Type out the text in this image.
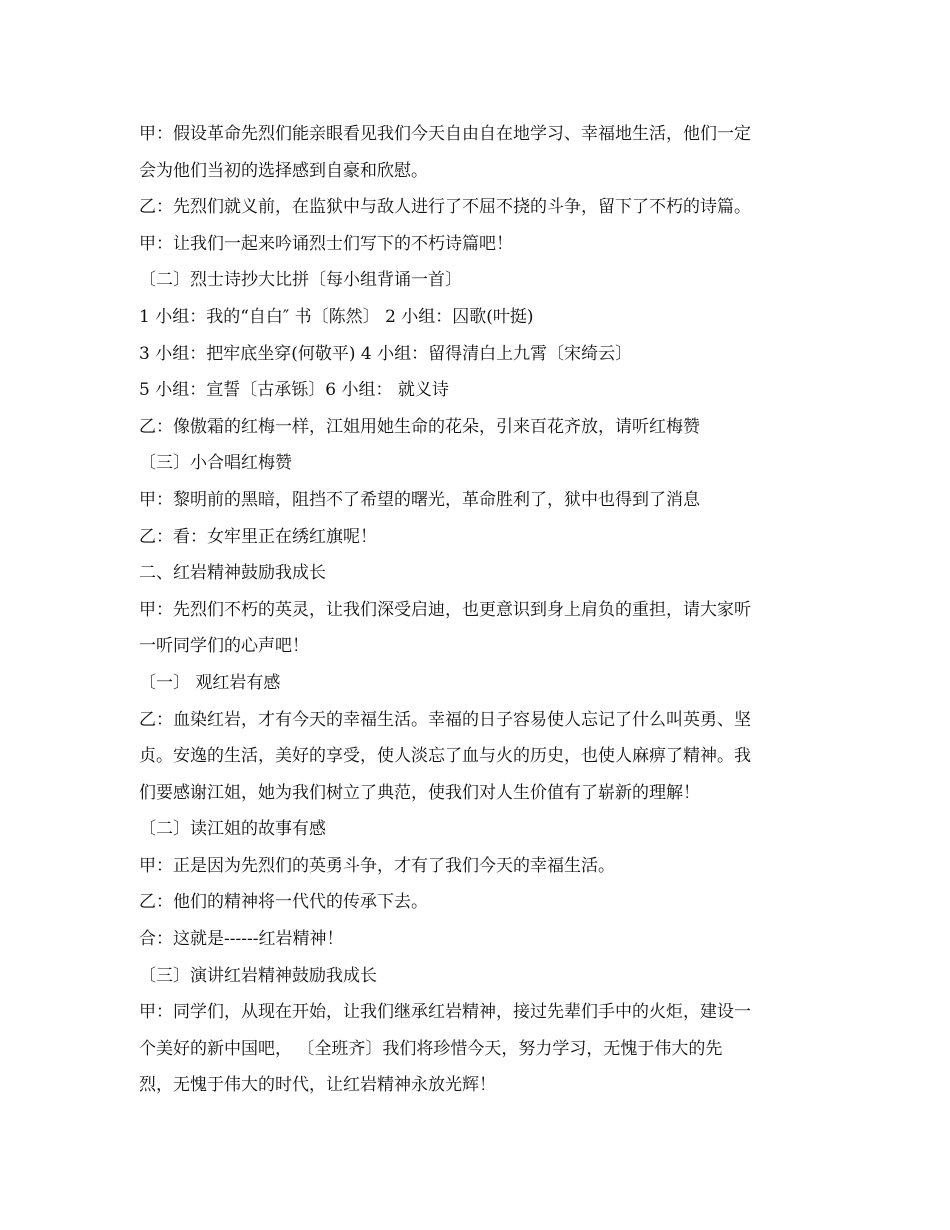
甲：假设革命先烈们能亲眼看见我们今天自由自在地学习、幸福地生活，他们一定
会为他们当初的选择感到自豪和欣慰。
乙：先烈们就义前，在监狱中与敌人进行了不屈不挠的斗争，留下了不朽的诗篇。
甲：让我们一起来吟诵烈士们写下的不朽诗篇吧！
〔二〕烈士诗抄大比拼〔每小组背诵一首〕
1 小组：我的“自白″ 书〔陈然〕 2 小组：囚歌(叶挺)
3 小组：把牢底坐穿(何敬平) 4 小组：留得清白上九霄〔宋绮云〕
5 小组：宣誓〔古承铄〕6 小组： 就义诗
乙：像傲霜的红梅一样，江姐用她生命的花朵，引来百花齐放，请听红梅赞
〔三〕小合唱红梅赞
甲：黎明前的黑暗，阻挡不了希望的曙光，革命胜利了，狱中也得到了消息
乙：看：女牢里正在绣红旗呢！
二、红岩精神鼓励我成长
甲：先烈们不朽的英灵，让我们深受启迪，也更意识到身上肩负的重担，请大家听
一听同学们的心声吧！
〔一〕 观红岩有感
乙：血染红岩，才有今天的幸福生活。幸福的日子容易使人忘记了什么叫英勇、坚
贞。安逸的生活，美好的享受，使人淡忘了血与火的历史，也使人麻痹了精神。我
们要感谢江姐，她为我们树立了典范，使我们对人生价值有了崭新的理解！
〔二〕读江姐的故事有感
甲：正是因为先烈们的英勇斗争，才有了我们今天的幸福生活。
乙：他们的精神将一代代的传承下去。
合：这就是------红岩精神！
〔三〕演讲红岩精神鼓励我成长
甲：同学们，从现在开始，让我们继承红岩精神，接过先辈们手中的火炬，建设一
个美好的新中国吧， 〔全班齐〕我们将珍惜今天，努力学习，无愧于伟大的先
烈，无愧于伟大的时代，让红岩精神永放光辉！
